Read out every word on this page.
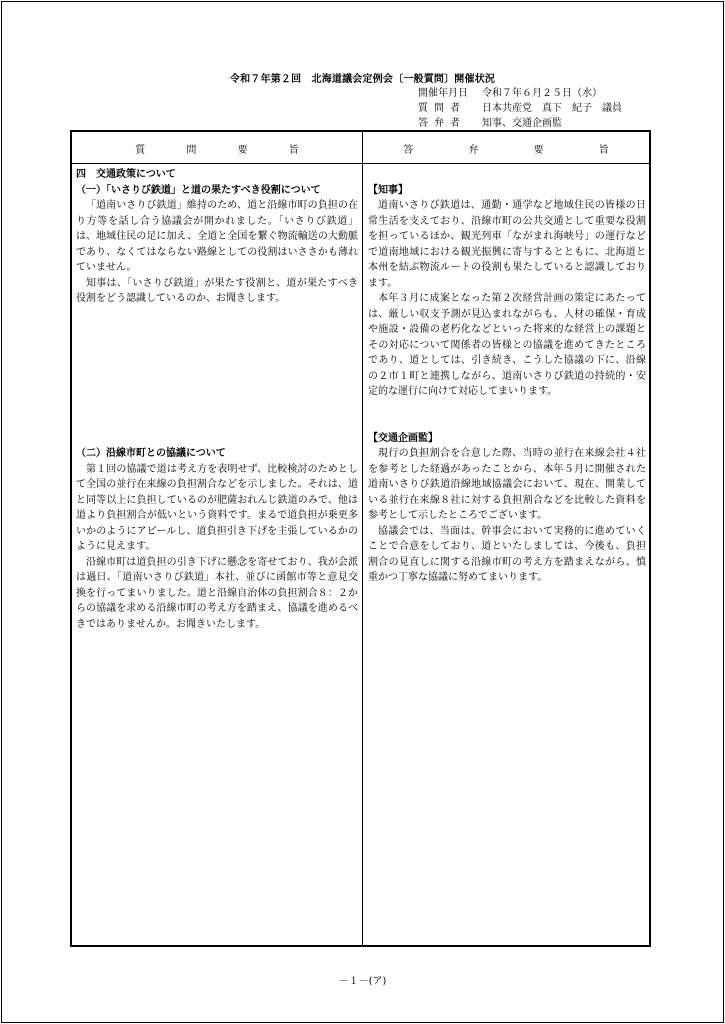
令和７年第２回　北海道議会定例会〔一般質問〕開催状況
開催年月日	令和７年６月２５日（水）
質問者	日本共産党　真下　紀子　議員
答弁者	知事、交通企画監
質 問 要 旨	答 弁 要 旨
四　交通政策について
（一）「いさりび鉄道」と道の果たすべき役割について
「道南いさりび鉄道」維持のため、道と沿線市町の負担の在り方等を話し合う協議会が開かれました。「いさりび鉄道」は、地域住民の足に加え、全道と全国を繋ぐ物流輸送の大動脈であり、なくてはならない路線としての役割はいささかも薄れていません。
知事は、「いさりび鉄道」が果たす役割と、道が果たすべき役割をどう認識しているのか、お聞きします。
（二）沿線市町との協議について
第１回の協議で道は考え方を表明せず、比較検討のためとして全国の並行在来線の負担割合などを示しました。それは、道と同等以上に負担しているのが肥薩おれんじ鉄道のみで、他は道より負担割合が低いという資料です。まるで道負担が乗更多いかのようにアピールし、道負担引き下げを主張しているかのように見えます。
沿線市町は道負担の引き下げに懸念を寄せており、我が会派は過日、「道南いさりび鉄道」本社、並びに函館市等と意見交換を行ってまいりました。道と沿線自治体の負担割合８：２からの協議を求める沿線市町の考え方を踏まえ、協議を進めるべきではありませんか。お聞きいたします。
【知事】
道南いさりび鉄道は、通勤・通学など地域住民の皆様の日常生活を支えており、沿線市町の公共交通として重要な役割を担っているほか、観光列車「ながまれ海峡号」の運行などで道南地域における観光振興に寄与するとともに、北海道と本州を結ぶ物流ルートの役割も果たしていると認識しております。
本年３月に成案となった第２次経営計画の策定にあたっては、厳しい収支予測が見込まれながらも、人材の確保・育成や施設・設備の老朽化などといった将来的な経営上の課題とその対応について関係者の皆様との協議を進めてきたところであり、道としては、引き続き、こうした協議の下に、沿線の２市１町と連携しながら、道南いさりび鉄道の持続的・安定的な運行に向けて対応してまいります。
【交通企画監】
現行の負担割合を合意した際、当時の並行在来線会社４社を参考とした経過があったことから、本年５月に開催された道南いさりび鉄道沿線地域協議会において、現在、開業している並行在来線８社に対する負担割合などを比較した資料を参考として示したところでございます。
協議会では、当面は、幹事会において実務的に進めていくことで合意をしており、道といたしましては、今後も、負担割合の見直しに関する沿線市町の考え方を踏まえながら、慎重かつ丁寧な協議に努めてまいります。
－１－(ア)
